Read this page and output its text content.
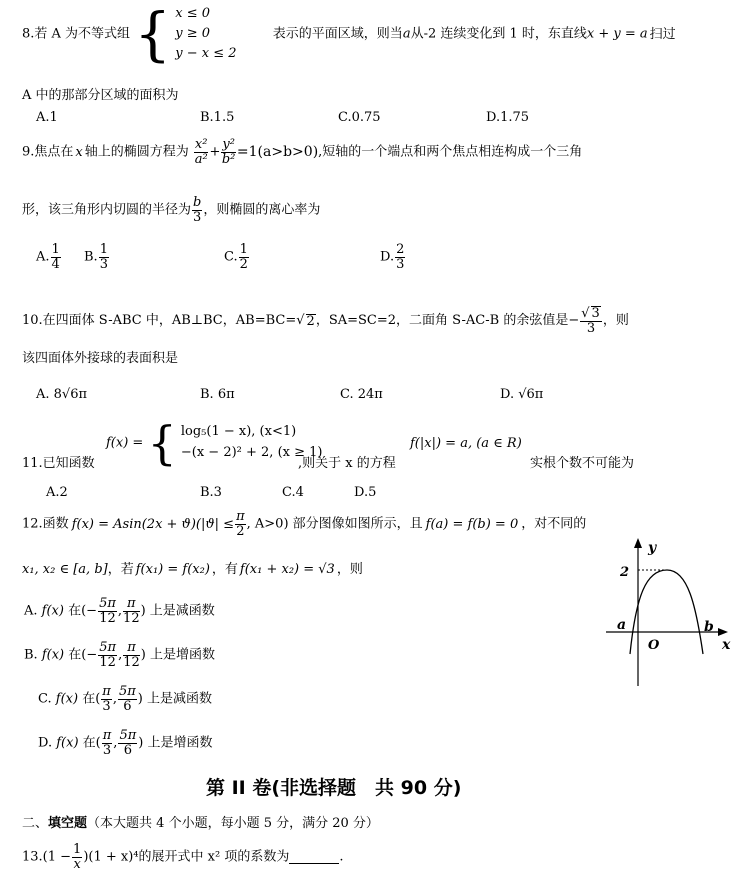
8.若 A 为不等式组 { x ≤ 0
y ≥ 0
y − x ≤ 2
表示的平面区域，则当a从-2 连续变化到 1 时，东直线x + y = a 扫过
A 中的那部分区域的面积为
A.1	B.1.5	C.0.75	D.1.75
9.焦点在 x 轴上的椭圆方程为 $\frac{\text{x²}}{\text{a²}} + \frac{\text{y²}}{\text{b²}} =1(a>b>0)$,短轴的一个端点和两个焦点相连构成一个三角
形，该三角形内切圆的半径为 $\frac{b}{3}$ ，则椭圆的离心率为
A. $\frac{1}{4} B$. $\frac{1}{3}$	C. $\frac{1}{2}$	D. $\frac{2}{3}$
10.在四面体 S-ABC 中，AB⊥BC，AB=BC=√ 2，SA=SC=2，二面角 S-AC-B 的余弦值是− $\frac{√ 3}{3}$ ，则
该四面体外接球的表面积是
A. 8√6π	B. 6π	C. 24π	D. √6π
11.已知函数
f(x) = { log₅(1 − x), (x<1)
−(x − 2)² + 2, (x ≥ 1)
,则关于 x 的方程
f(|x|) = a, (a ∈ R)
实根个数不可能为
A.2	B.3	C.4	D.5
12.函数 $f(x) = Asin(2x + ϑ)(|ϑ| \le \frac{\pi}{2}$ , A>0) 部分图像如图所示，且 f(a) = f(b) = 0 ，对不同的
x₁, x₂ ∈ [a, b]，若 f(x₁) = f(x₂) ，有 f(x₁ + x₂) = √3 ，则
A. f(x) 在(− $\frac{5\pi}{12}$ , $\frac{\pi}{12}$ ) 上是减函数
B. f(x) 在(− $\frac{5\pi}{12}$ , $\frac{\pi}{12}$ ) 上是增函数
C. f(x) 在( $\frac{\pi}{3}$ , $\frac{5\pi}{6}$ ) 上是减函数
D. f(x) 在( $\frac{\pi}{3}$ , $\frac{5\pi}{6}$ ) 上是增函数
y
2
a	b
O	x
第 II 卷(非选择题　共 90 分)
二、填空题（本大题共 4 个小题，每小题 5 分，满分 20 分）
$13.(1 - \frac{1}{x} )(1 + x)^4$的展开式中 x² 项的系数为	.
